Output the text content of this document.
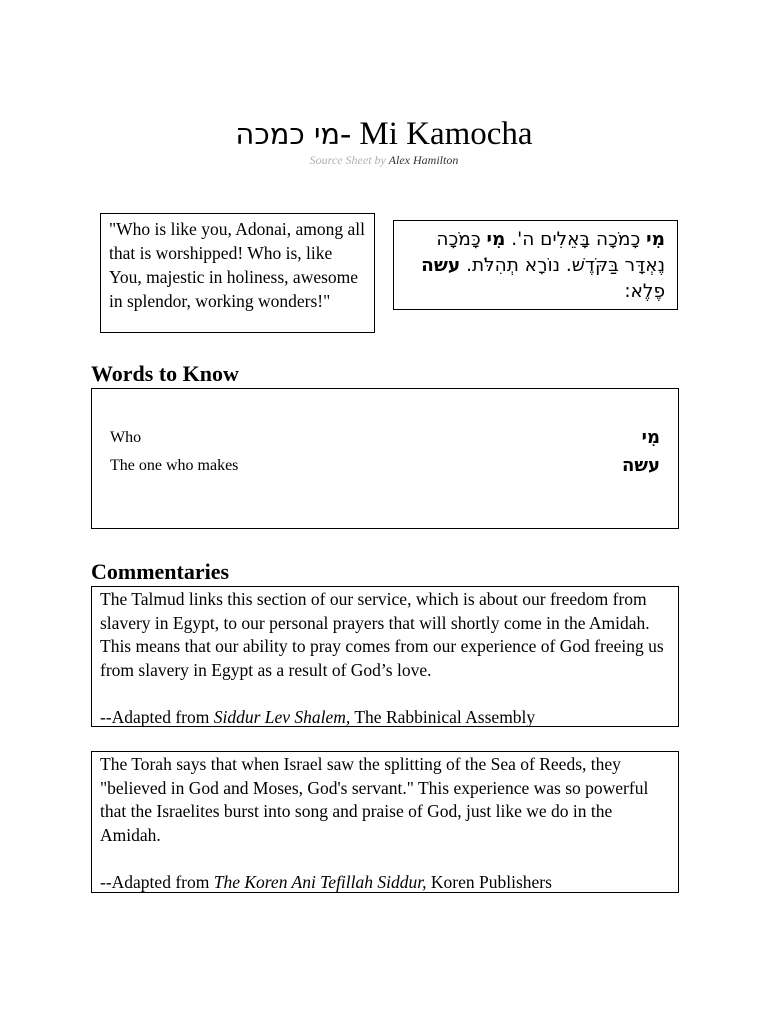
מי כמכה- Mi Kamocha
Source Sheet by Alex Hamilton
"Who is like you, Adonai, among all that is worshipped! Who is, like You, majestic in holiness, awesome in splendor, working wonders!"
מִי כָמֹכָה בָּאֵלִים ה'. מִי כָּמֹכָה נֶאְדָּר בַּקֹּדֶשׁ. נוֹרָא תְהִלֹּת. עשה פֶלֶא:
Words to Know
Who	מִי
The one who makes	עשה
Commentaries

The Talmud links this section of our service, which is about our freedom from slavery in Egypt, to our personal prayers that will shortly come in the Amidah. This means that our ability to pray comes from our experience of God freeing us from slavery in Egypt as a result of God’s love.

--Adapted from Siddur Lev Shalem, The Rabbinical Assembly

The Torah says that when Israel saw the splitting of the Sea of Reeds, they "believed in God and Moses, God's servant." This experience was so powerful that the Israelites burst into song and praise of God, just like we do in the Amidah.

--Adapted from The Koren Ani Tefillah Siddur, Koren Publishers
